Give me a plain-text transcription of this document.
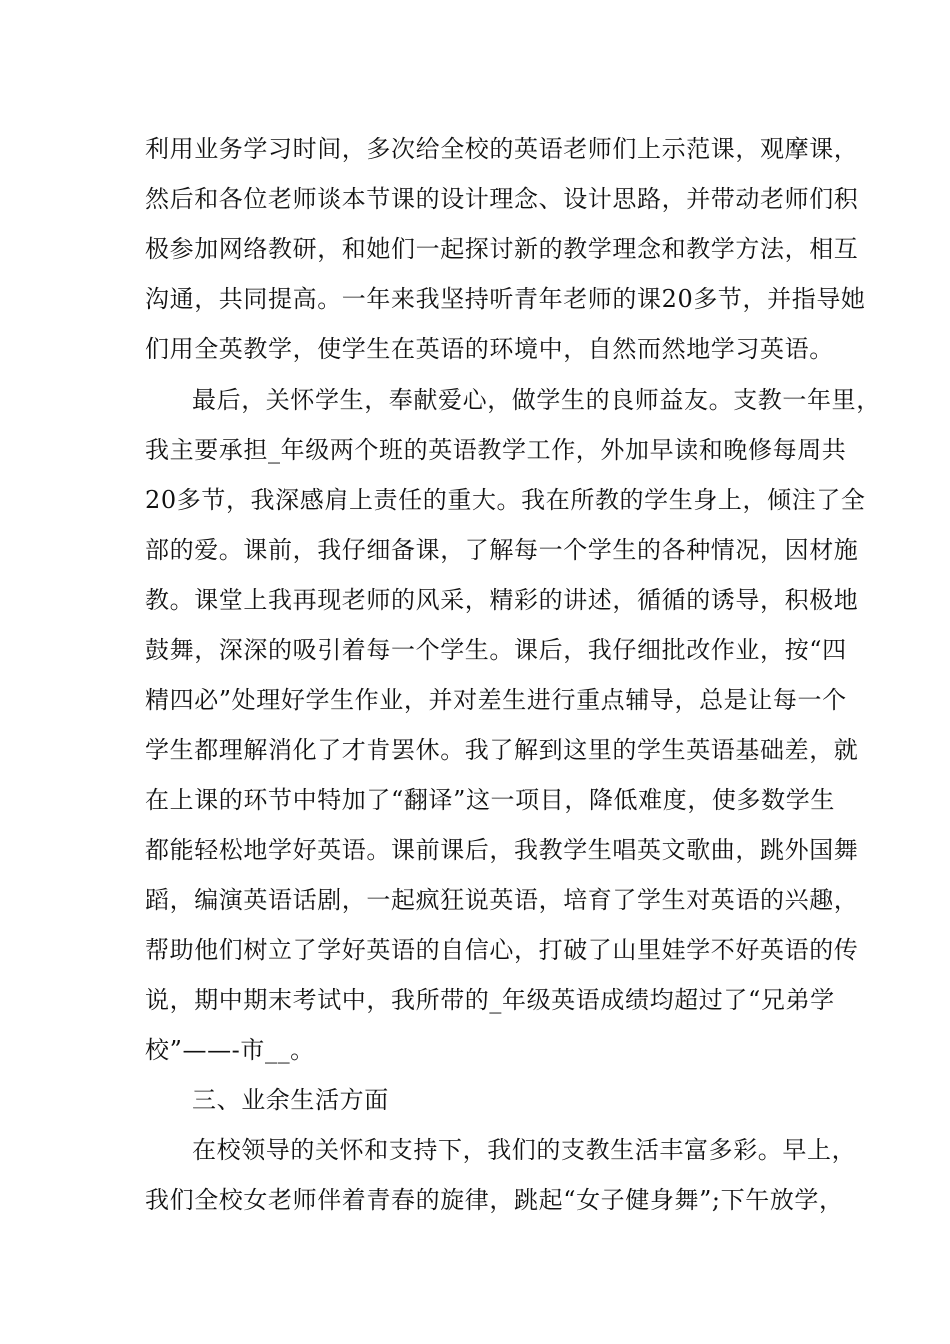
利用业务学习时间，多次给全校的英语老师们上示范课，观摩课，
然后和各位老师谈本节课的设计理念、设计思路，并带动老师们积
极参加网络教研，和她们一起探讨新的教学理念和教学方法，相互
沟通，共同提高。一年来我坚持听青年老师的课20多节，并指导她
们用全英教学，使学生在英语的环境中，自然而然地学习英语。
最后，关怀学生，奉献爱心，做学生的良师益友。支教一年里，
我主要承担_年级两个班的英语教学工作，外加早读和晚修每周共
20多节，我深感肩上责任的重大。我在所教的学生身上，倾注了全
部的爱。课前，我仔细备课，了解每一个学生的各种情况，因材施
教。课堂上我再现老师的风采，精彩的讲述，循循的诱导，积极地
鼓舞，深深的吸引着每一个学生。课后，我仔细批改作业，按“四
精四必”处理好学生作业，并对差生进行重点辅导，总是让每一个
学生都理解消化了才肯罢休。我了解到这里的学生英语基础差，就
在上课的环节中特加了“翻译”这一项目，降低难度，使多数学生
都能轻松地学好英语。课前课后，我教学生唱英文歌曲，跳外国舞
蹈，编演英语话剧，一起疯狂说英语，培育了学生对英语的兴趣，
帮助他们树立了学好英语的自信心，打破了山里娃学不好英语的传
说，期中期末考试中，我所带的_年级英语成绩均超过了“兄弟学
校”——-市__。
三、业余生活方面
在校领导的关怀和支持下，我们的支教生活丰富多彩。早上，
我们全校女老师伴着青春的旋律，跳起“女子健身舞”;下午放学，
